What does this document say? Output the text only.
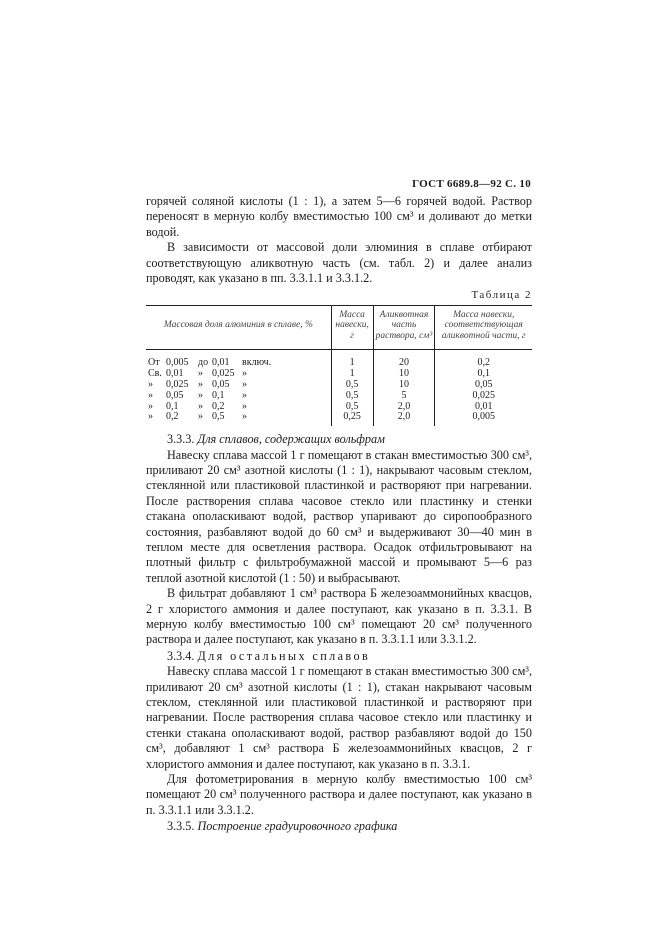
ГОСТ 6689.8—92 С. 10

горячей соляной кислоты (1 : 1), а затем 5—6 горячей водой. Раствор переносят в мерную колбу вместимостью 100 см³ и доливают до метки водой.

В зависимости от массовой доли элюминия в сплаве отбирают соответствующую аликвотную часть (см. табл. 2) и далее анализ проводят, как указано в пп. 3.3.1.1 и 3.3.1.2.

Таблица 2
Массовая доля алюминия в сплаве, %	Масса навески, г	Аликвотная часть раствора, см³	Масса навески, соответствующая аликвотной части, г

От 0,005 до 0,01 включ.	1	20	0,2

Св. 0,01 » 0,025 »	1	10	0,1

» 0,025 » 0,05 »	0,5	10	0,05

» 0,05 » 0,1 »	0,5	5	0,025

» 0,1 » 0,2 »	0,5	2,0	0,01

» 0,2 » 0,5 »	0,25	2,0	0,005

3.3.3. Для сплавов, содержащих вольфрам

Навеску сплава массой 1 г помещают в стакан вместимостью 300 см³, приливают 20 см³ азотной кислоты (1 : 1), накрывают часовым стеклом, стеклянной или пластиковой пластинкой и растворяют при нагревании. После растворения сплава часовое стекло или пластинку и стенки стакана ополаскивают водой, раствор упаривают до сиропообразного состояния, разбавляют водой до 60 см³ и выдерживают 30—40 мин в теплом месте для осветления раствора. Осадок отфильтровывают на плотный фильтр с фильтробумажной массой и промывают 5—6 раз теплой азотной кислотой (1 : 50) и выбрасывают.

В фильтрат добавляют 1 см³ раствора Б железоаммонийных квасцов, 2 г хлористого аммония и далее поступают, как указано в п. 3.3.1. В мерную колбу вместимостью 100 см³ помещают 20 см³ полученного раствора и далее поступают, как указано в п. 3.3.1.1 или 3.3.1.2.

3.3.4. Для остальных сплавов

Навеску сплава массой 1 г помещают в стакан вместимостью 300 см³, приливают 20 см³ азотной кислоты (1 : 1), стакан накрывают часовым стеклом, стеклянной или пластиковой пластинкой и растворяют при нагревании. После растворения сплава часовое стекло или пластинку и стенки стакана ополаскивают водой, раствор разбавляют водой до 150 см³, добавляют 1 см³ раствора Б железоаммонийных квасцов, 2 г хлористого аммония и далее поступают, как указано в п. 3.3.1.

Для фотометрирования в мерную колбу вместимостью 100 см³ помещают 20 см³ полученного раствора и далее поступают, как указано в п. 3.3.1.1 или 3.3.1.2.

3.3.5. Построение градуировочного графика
